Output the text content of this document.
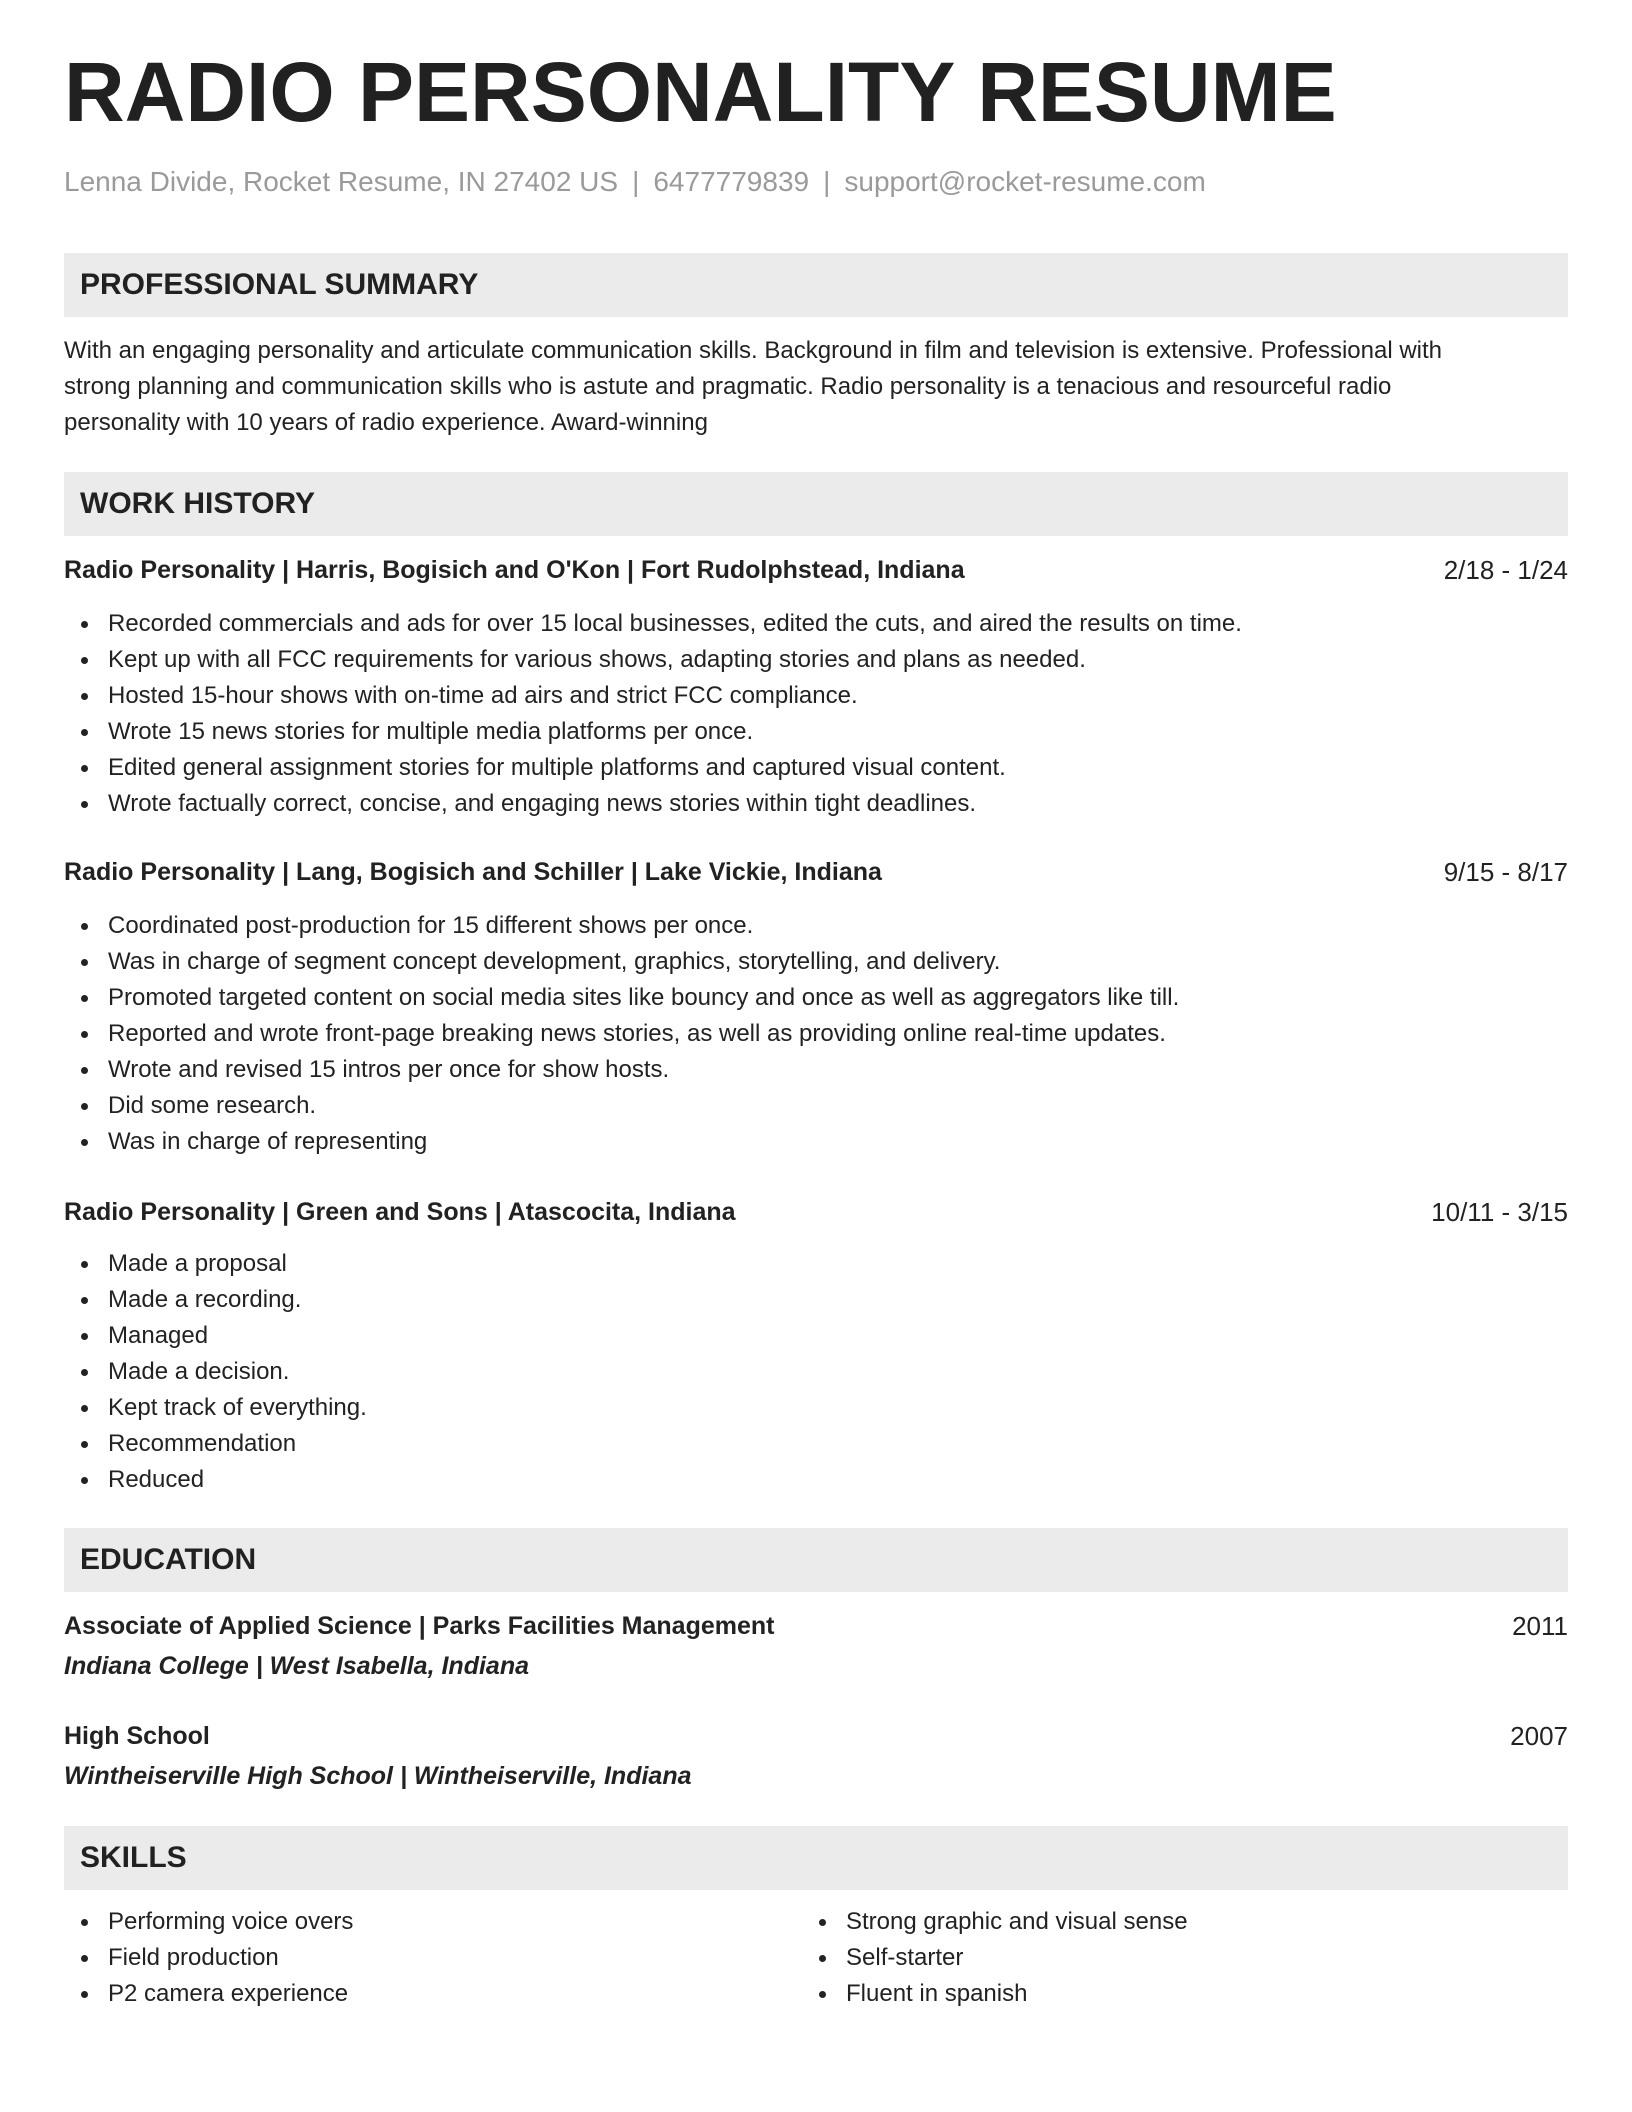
RADIO PERSONALITY RESUME
Lenna Divide, Rocket Resume, IN 27402 US | 6477779839 | support@rocket-resume.com
PROFESSIONAL SUMMARY
With an engaging personality and articulate communication skills. Background in film and television is extensive. Professional with
strong planning and communication skills who is astute and pragmatic. Radio personality is a tenacious and resourceful radio
personality with 10 years of radio experience. Award-winning
WORK HISTORY
Radio Personality | Harris, Bogisich and O'Kon | Fort Rudolphstead, Indiana	2/18 - 1/24
Recorded commercials and ads for over 15 local businesses, edited the cuts, and aired the results on time.
Kept up with all FCC requirements for various shows, adapting stories and plans as needed.
Hosted 15-hour shows with on-time ad airs and strict FCC compliance.
Wrote 15 news stories for multiple media platforms per once.
Edited general assignment stories for multiple platforms and captured visual content.
Wrote factually correct, concise, and engaging news stories within tight deadlines.
Radio Personality | Lang, Bogisich and Schiller | Lake Vickie, Indiana	9/15 - 8/17
Coordinated post-production for 15 different shows per once.
Was in charge of segment concept development, graphics, storytelling, and delivery.
Promoted targeted content on social media sites like bouncy and once as well as aggregators like till.
Reported and wrote front-page breaking news stories, as well as providing online real-time updates.
Wrote and revised 15 intros per once for show hosts.
Did some research.
Was in charge of representing
Radio Personality | Green and Sons | Atascocita, Indiana	10/11 - 3/15
Made a proposal
Made a recording.
Managed
Made a decision.
Kept track of everything.
Recommendation
Reduced
EDUCATION
Associate of Applied Science | Parks Facilities Management	2011
Indiana College | West Isabella, Indiana
High School	2007
Wintheiserville High School | Wintheiserville, Indiana
SKILLS
Performing voice overs
Field production
P2 camera experience
Strong graphic and visual sense
Self-starter
Fluent in spanish
